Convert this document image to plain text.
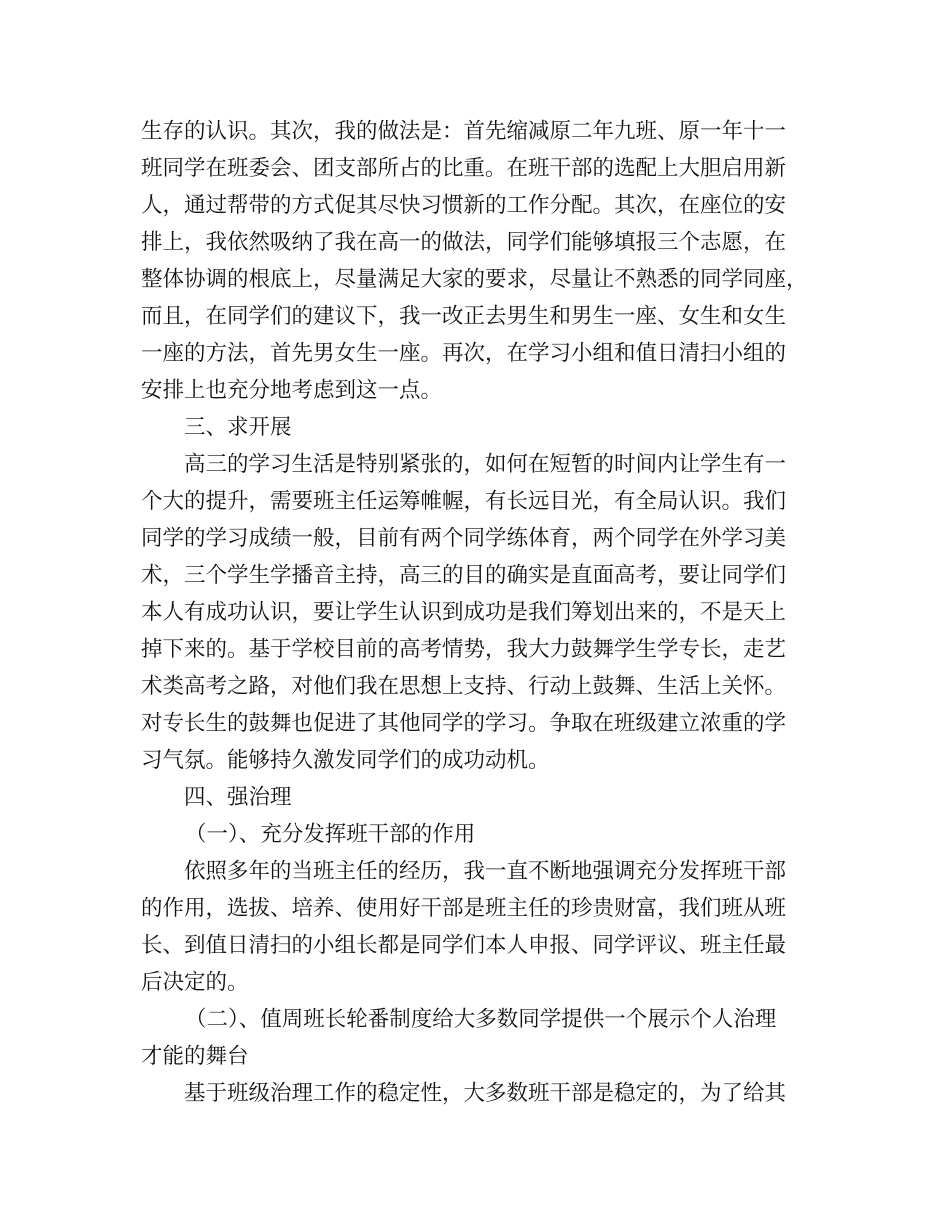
生存的认识。其次，我的做法是：首先缩减原二年九班、原一年十一
班同学在班委会、团支部所占的比重。在班干部的选配上大胆启用新
人，通过帮带的方式促其尽快习惯新的工作分配。其次，在座位的安
排上，我依然吸纳了我在高一的做法，同学们能够填报三个志愿，在
整体协调的根底上，尽量满足大家的要求，尽量让不熟悉的同学同座，
而且，在同学们的建议下，我一改正去男生和男生一座、女生和女生
一座的方法，首先男女生一座。再次，在学习小组和值日清扫小组的
安排上也充分地考虑到这一点。
三、求开展
高三的学习生活是特别紧张的，如何在短暂的时间内让学生有一
个大的提升，需要班主任运筹帷幄，有长远目光，有全局认识。我们
同学的学习成绩一般，目前有两个同学练体育，两个同学在外学习美
术，三个学生学播音主持，高三的目的确实是直面高考，要让同学们
本人有成功认识，要让学生认识到成功是我们筹划出来的，不是天上
掉下来的。基于学校目前的高考情势，我大力鼓舞学生学专长，走艺
术类高考之路，对他们我在思想上支持、行动上鼓舞、生活上关怀。
对专长生的鼓舞也促进了其他同学的学习。争取在班级建立浓重的学
习气氛。能够持久激发同学们的成功动机。
四、强治理
（一）、充分发挥班干部的作用
依照多年的当班主任的经历，我一直不断地强调充分发挥班干部
的作用，选拔、培养、使用好干部是班主任的珍贵财富，我们班从班
长、到值日清扫的小组长都是同学们本人申报、同学评议、班主任最
后决定的。
（二）、值周班长轮番制度给大多数同学提供一个展示个人治理
才能的舞台
基于班级治理工作的稳定性，大多数班干部是稳定的，为了给其
